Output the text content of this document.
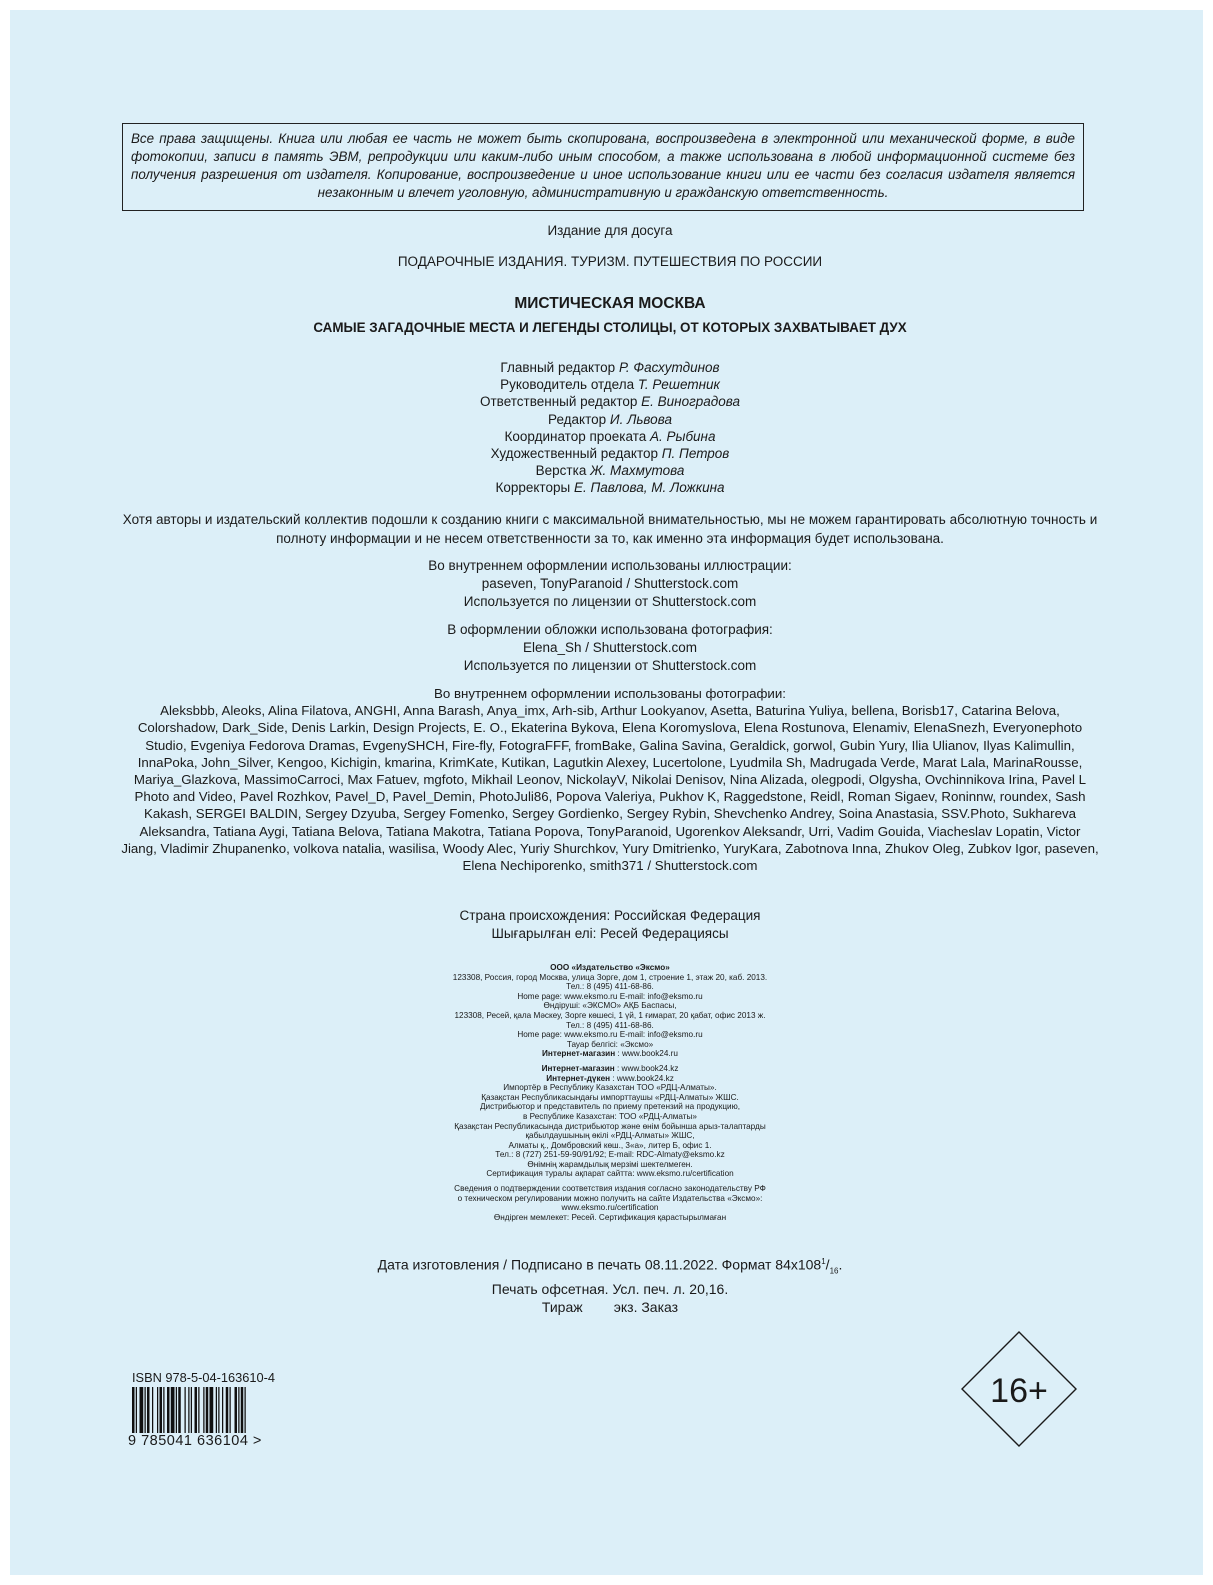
Все права защищены. Книга или любая ее часть не может быть скопирована, воспроизведена в электронной или механической форме, в виде фотокопии, записи в память ЭВМ, репродукции или каким-либо иным способом, а также использована в любой информационной системе без получения разрешения от издателя. Копирование, воспроизведение и иное использование книги или ее части без согласия издателя является незаконным и влечет уголовную, административную и гражданскую ответственность.
Издание для досуга
ПОДАРОЧНЫЕ ИЗДАНИЯ. ТУРИЗМ. ПУТЕШЕСТВИЯ ПО РОССИИ
МИСТИЧЕСКАЯ МОСКВА
САМЫЕ ЗАГАДОЧНЫЕ МЕСТА И ЛЕГЕНДЫ СТОЛИЦЫ, ОТ КОТОРЫХ ЗАХВАТЫВАЕТ ДУХ
Главный редактор Р. Фасхутдинов
Руководитель отдела Т. Решетник
Ответственный редактор Е. Виноградова
Редактор И. Львова
Координатор проеката А. Рыбина
Художественный редактор П. Петров
Верстка Ж. Махмутова
Корректоры Е. Павлова, М. Ложкина
Хотя авторы и издательский коллектив подошли к созданию книги с максимальной внимательностью, мы не можем гарантировать абсолютную точность и полноту информации и не несем ответственности за то, как именно эта информация будет использована.
Во внутреннем оформлении использованы иллюстрации:
paseven, TonyParanoid / Shutterstock.com
Используется по лицензии от Shutterstock.com
В оформлении обложки использована фотография:
Elena_Sh / Shutterstock.com
Используется по лицензии от Shutterstock.com
Во внутреннем оформлении использованы фотографии:
Aleksbbb, Aleoks, Alina Filatova, ANGHI, Anna Barash, Anya_imx, Arh-sib, Arthur Lookyanov, Asetta, Baturina Yuliya, bellena, Borisb17, Catarina Belova, Colorshadow, Dark_Side, Denis Larkin, Design Projects, E. O., Ekaterina Bykova, Elena Koromyslova, Elena Rostunova, Elenamiv, ElenaSnezh, Everyonephoto Studio, Evgeniya Fedorova Dramas, EvgenySHCH, Fire-fly, FotograFFF, fromBake, Galina Savina, Geraldick, gorwol, Gubin Yury, Ilia Ulianov, Ilyas Kalimullin, InnaPoka, John_Silver, Kengoo, Kichigin, kmarina, KrimKate, Kutikan, Lagutkin Alexey, Lucertolone, Lyudmila Sh, Madrugada Verde, Marat Lala, MarinaRousse, Mariya_Glazkova, MassimoCarroci, Max Fatuev, mgfoto, Mikhail Leonov, NickolayV, Nikolai Denisov, Nina Alizada, olegpodi, Olgysha, Ovchinnikova Irina, Pavel L Photo and Video, Pavel Rozhkov, Pavel_D, Pavel_Demin, PhotoJuli86, Popova Valeriya, Pukhov K, Raggedstone, Reidl, Roman Sigaev, Roninnw, roundex, Sash Kakash, SERGEI BALDIN, Sergey Dzyuba, Sergey Fomenko, Sergey Gordienko, Sergey Rybin, Shevchenko Andrey, Soina Anastasia, SSV.Photo, Sukhareva Aleksandra, Tatiana Aygi, Tatiana Belova, Tatiana Makotra, Tatiana Popova, TonyParanoid, Ugorenkov Aleksandr, Urri, Vadim Gouida, Viacheslav Lopatin, Victor Jiang, Vladimir Zhupanenko, volkova natalia, wasilisa, Woody Alec, Yuriy Shurchkov, Yury Dmitrienko, YuryKara, Zabotnova Inna, Zhukov Oleg, Zubkov Igor, paseven, Elena Nechiporenko, smith371 / Shutterstock.com
Страна происхождения: Российская Федерация
Шығарылған елі: Ресей Федерациясы
ООО «Издательство «Эксмо»
123308, Россия, город Москва, улица Зорге, дом 1, строение 1, этаж 20, каб. 2013.
Тел.: 8 (495) 411-68-86.
Home page: www.eksmo.ru E-mail: info@eksmo.ru
Өндіруші: «ЭКСМО» АҚБ Баспасы,
123308, Ресей, қала Мәскеу, Зорге көшесі, 1 үй, 1 ғимарат, 20 қабат, офис 2013 ж.
Тел.: 8 (495) 411-68-86.
Home page: www.eksmo.ru E-mail: info@eksmo.ru
Тауар белгісі: «Эксмо»
Интернет-магазин : www.book24.ru
Интернет-магазин : www.book24.kz
Интернет-дүкен : www.book24.kz
Импортёр в Республику Казахстан ТОО «РДЦ-Алматы».
Қазақстан Республикасындағы импорттаушы «РДЦ-Алматы» ЖШС.
Дистрибьютор и представитель по приему претензий на продукцию,
в Республике Казахстан: ТОО «РДЦ-Алматы»
Қазақстан Республикасында дистрибьютор және өнім бойынша арыз-талаптарды
қабылдаушының өкілі «РДЦ-Алматы» ЖШС,
Алматы қ., Домбровский көш., 3«а», литер Б, офис 1.
Тел.: 8 (727) 251-59-90/91/92; E-mail: RDC-Almaty@eksmo.kz
Өнімнің жарамдылық мерзімі шектелмеген.
Сертификация туралы ақпарат сайтта: www.eksmo.ru/certification
Сведения о подтверждении соответствия издания согласно законодательству РФ
о техническом регулировании можно получить на сайте Издательства «Эксмо»:
www.eksmo.ru/certification
Өндірген мемлекет: Ресей. Сертификация қарастырылмаған
Дата изготовления / Подписано в печать 08.11.2022. Формат $84x108^1/_{16}$.
Печать офсетная. Усл. печ. л. 20,16.
Тираж        экз. Заказ
ISBN 978-5-04-163610-4
9 785041 636104 >
16+
